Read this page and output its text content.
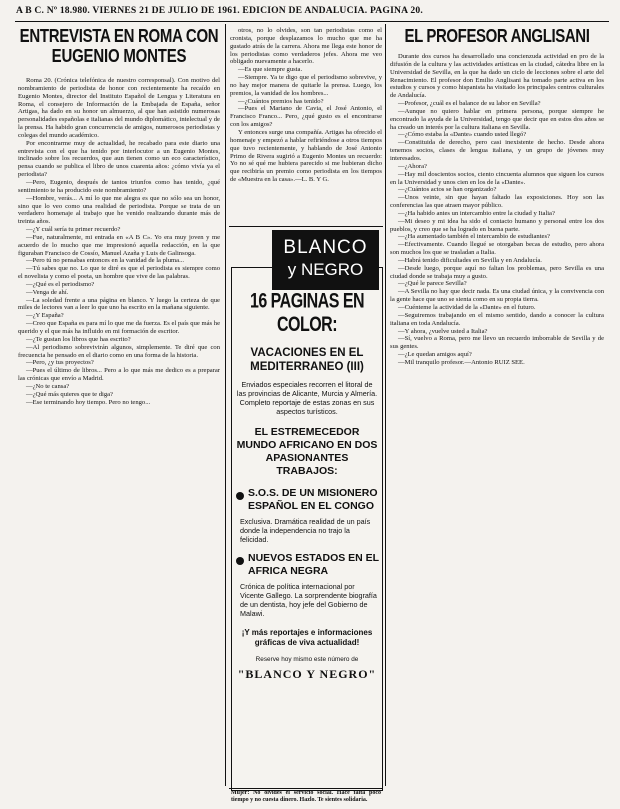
A B C. Nº 18.980. VIERNES 21 DE JULIO DE 1961. EDICION DE ANDALUCIA. PAGINA 20.
ENTREVISTA EN ROMA CON
EUGENIO MONTES

Roma 20. (Crónica telefónica de nuestro corresponsal). Con motivo del nombramiento de periodista de honor con recientemente ha recaído en Eugenio Montes, director del Instituto Español de Lengua y Literatura en Roma, el consejero de Información de la Embajada de España, señor Artigas, ha dado en su honor un almuerzo, al que han asistido numerosas personalidades españolas e italianas del mundo diplomático, intelectual y de la prensa. Ha habido gran concurrencia de amigos, numerosos periodistas y colegas del mundo académico.

Por encontrarme muy de actualidad, he recabado para este diario una entrevista con el que ha tenido por interlocutor a un Eugenio Montes, inclinado sobre los recuerdos, que aun tienen como un eco característico, pensa cuando se publica el libro de unos cuarenta años: ¿cómo vivía ya el periodista?

—Pero, Eugenio, después de tantos triunfos como has tenido, ¿qué sentimiento te ha producido este nombramiento?

—Hombre, verás... A mí lo que me alegra es que no sólo sea un honor, sino que lo veo como una realidad de periodista. Porque se trata de un verdadero homenaje al trabajo que he venido realizando durante más de treinta años.

—¿Y cuál sería tu primer recuerdo?

—Fue, naturalmente, mi entrada en «A B C». Yo era muy joven y me acuerdo de lo mucho que me impresionó aquella redacción, en la que figuraban Francisco de Cossío, Manuel Azaña y Luis de Galinsoga.

—Pero tú no pensabas entonces en la vanidad de la pluma...

—Tú sabes que no. Lo que te diré es que el periodista es siempre como el novelista y como el poeta, un hombre que vive de las palabras.

—¿Qué es el periodismo?

—Venga de ahí.

—La soledad frente a una página en blanco. Y luego la certeza de que miles de lectores van a leer lo que uno ha escrito en la mañana siguiente.

—¿Y España?

—Creo que España es para mí lo que me da fuerza. Es el país que más he querido y el que más ha influido en mi formación de escritor.

—¿Te gustan los libros que has escrito?

—Al periodismo sobrevivirán algunos, simplemente. Te diré que con frecuencia he pensado en el diario como en una forma de la historia.

—Pero, ¿y tus proyectos?

—Pues el último de libros... Pero a lo que más me dedico es a preparar las crónicas que envío a Madrid.

—¿No te cansa?

—¿Qué más quieres que te diga?

—Ese terminando hoy tiempo. Pero no tengo...

otros, no lo olvides, son tan periodistas como el cronista, porque desplazamos lo mucho que me ha gustado atrás de la carrera. Ahora me llega este honor de los periodistas como verdaderos jefes. Ahora me veo obligado nuevamente a hacerlo.

—Es que siempre gusta.

—Siempre. Ya te digo que el periodismo sobrevive, y no hay mejor manera de quitarle la prensa. Luego, los premios, la vanidad de los hombres...

—¿Cuántos premios has tenido?

—Pues el Mariano de Cavia, el José Antonio, el Francisco Franco... Pero, ¿qué gusto es el encontrarse con los amigos?

Y entonces surge una compañía. Artigas ha ofrecido el homenaje y empezó a hablar refiriéndose a otros tiempos que tuvo recientemente, y hablando de José Antonio Primo de Rivera sugirió a Eugenio Montes un recuerdo: Yo no sé qué me hubiera parecido si me hubieran dicho que recibiría un premio como periodista en los tiempos de «Muestra en la casa».—L. B. Y G.

16 PAGINAS EN COLOR:
VACACIONES EN EL MEDITERRANEO (III)
Enviados especiales recorren el litoral de las provincias de Alicante, Murcia y Almería. Completo reportaje de estas zonas en sus aspectos turísticos.
EL ESTREMECEDOR MUNDO AFRICANO EN DOS APASIONANTES TRABAJOS:
S.O.S. DE UN MISIONERO ESPAÑOL EN EL CONGO
Exclusiva. Dramática realidad de un país donde la independencia no trajo la felicidad.
NUEVOS ESTADOS EN EL AFRICA NEGRA
Crónica de política internacional por Vicente Gallego. La sorprendente biografía de un dentista, hoy jefe del Gobierno de Malawi.
¡Y más reportajes e informaciones gráficas de viva actualidad!
Reserve hoy mismo este número de
"BLANCO Y NEGRO"
BLANCO
y NEGRO
EL PROFESOR ANGLISANI

Durante dos cursos ha desarrollado una concienzuda actividad en pro de la difusión de la cultura y las actividades artísticas en la ciudad, cátedra libre en la Universidad de Sevilla, en la que ha dado un ciclo de lecciones sobre el arte del Renacimiento. El profesor don Emilio Anglisani ha tomado parte activa en los estudios y cursos y como hispanista ha visitado los principales centros culturales de Andalucía.

—Profesor, ¿cuál es el balance de su labor en Sevilla?

—Aunque no quiero hablar en primera persona, porque siempre he encontrado la ayuda de la Universidad, tengo que decir que en estos dos años se ha creado un interés por la cultura italiana en Sevilla.

—¿Cómo estaba la «Dante» cuando usted llegó?

—Constituida de derecho, pero casi inexistente de hecho. Desde ahora tenemos socios, clases de lengua italiana, y un grupo de jóvenes muy interesados.

—¿Ahora?

—Hay mil doscientos socios, ciento cincuenta alumnos que siguen los cursos en la Universidad y unos cien en los de la «Dante».

—¿Cuántos actos se han organizado?

—Unos veinte, sin que hayan faltado las exposiciones. Hoy son las conferencias las que atraen mayor público.

—¿Ha habido antes un intercambio entre la ciudad y Italia?

—Mi deseo y mi idea ha sido el contacto humano y personal entre los dos pueblos, y creo que se ha logrado en buena parte.

—¿Ha aumentado también el intercambio de estudiantes?

—Efectivamente. Cuando llegué se otorgaban becas de estudio, pero ahora son muchos los que se trasladan a Italia.

—Habrá tenido dificultades en Sevilla y en Andalucía.

—Desde luego, porque aquí no faltan los problemas, pero Sevilla es una ciudad donde se trabaja muy a gusto.

—¿Qué le parece Sevilla?

—A Sevilla no hay que decir nada. Es una ciudad única, y la convivencia con la gente hace que uno se sienta como en su propia tierra.

—Cuénteme la actividad de la «Dante» en el futuro.

—Seguiremos trabajando en el mismo sentido, dando a conocer la cultura italiana en toda Andalucía.

—Y ahora, ¿vuelve usted a Italia?

—Sí, vuelvo a Roma, pero me llevo un recuerdo imborrable de Sevilla y de sus gentes.

—¿Le quedan amigos aquí?

—Mil tranquilo profesor.—Antonio RUIZ SEE.

Mujer: No olvides el servicio social. Hace falta poco tiempo y no cuesta dinero. Hazlo. Te sientes solidaria.
